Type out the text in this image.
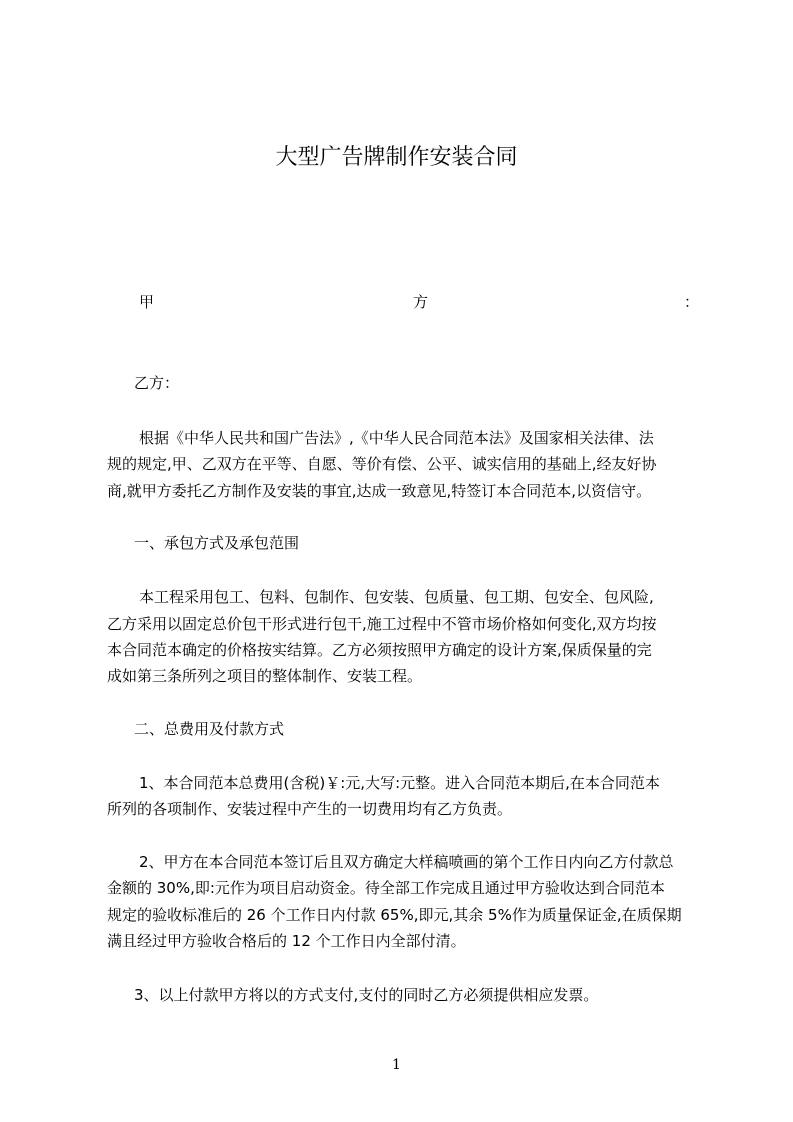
大型广告牌制作安装合同
甲	方	：
乙方：
根据《中华人民共和国广告法》,《中华人民合同范本法》及国家相关法律、法
规的规定,甲、乙双方在平等、自愿、等价有偿、公平、诚实信用的基础上,经友好协
商,就甲方委托乙方制作及安装的事宜,达成一致意见,特签订本合同范本,以资信守。
一、承包方式及承包范围
本工程采用包工、包料、包制作、包安装、包质量、包工期、包安全、包风险,
乙方采用以固定总价包干形式进行包干,施工过程中不管市场价格如何变化,双方均按
本合同范本确定的价格按实结算。乙方必须按照甲方确定的设计方案,保质保量的完
成如第三条所列之项目的整体制作、安装工程。
二、总费用及付款方式
1、本合同范本总费用(含税)￥:元,大写:元整。进入合同范本期后,在本合同范本
所列的各项制作、安装过程中产生的一切费用均有乙方负责。
2、甲方在本合同范本签订后且双方确定大样稿喷画的第个工作日内向乙方付款总
金额的 30%,即:元作为项目启动资金。待全部工作完成且通过甲方验收达到合同范本
规定的验收标准后的 26 个工作日内付款 65%,即元,其余 5%作为质量保证金,在质保期
满且经过甲方验收合格后的 12 个工作日内全部付清。
3、以上付款甲方将以的方式支付,支付的同时乙方必须提供相应发票。
1
